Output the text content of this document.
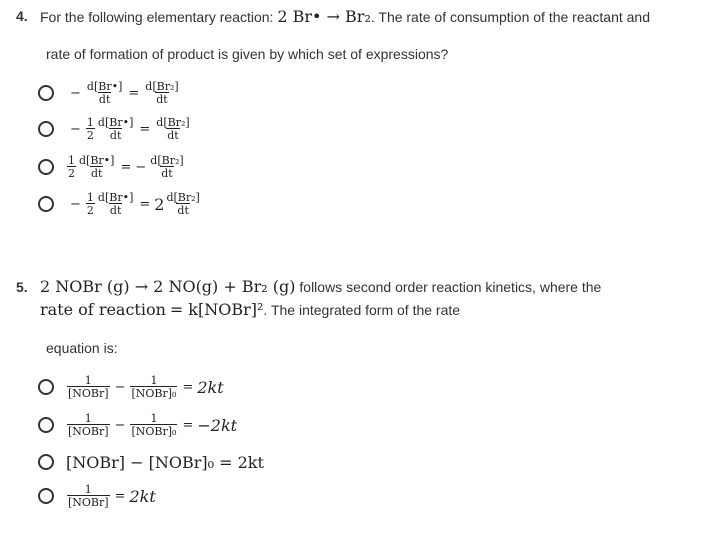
4. For the following elementary reaction: 2 Br• → Br₂. The rate of consumption of the reactant and
rate of formation of product is given by which set of expressions?
− $\frac{d[Br•]}{dt} = \frac{\text{d[Br₂]}}{dt}$
− $\frac{1}{2} \frac{d[Br•]}{dt} = \frac{\text{d[Br₂]}}{dt}$
$\frac{1}{2} \frac{d[Br•]}{dt}$ = − $\frac{\text{d[Br₂]}}{dt}$
− $\frac{1}{2} \frac{d[Br•]}{dt} = 2 \frac{\text{d[Br₂]}}{dt}$
5. 2 NOBr (g) → 2 NO(g) + Br₂ (g) follows second order reaction kinetics, where the
rate of reaction = k[NOBr]². The integrated form of the rate
equation is:
$\frac{1}{\text{[NOBr]}} - \frac{1}{\text{[NOBr]₀}} = 2kt$
$\frac{1}{\text{[NOBr]}} - \frac{1}{\text{[NOBr]₀}} = -2kt$
[NOBr] − [NOBr]₀ = 2kt
$\frac{1}{\text{[NOBr]}} = 2kt$
